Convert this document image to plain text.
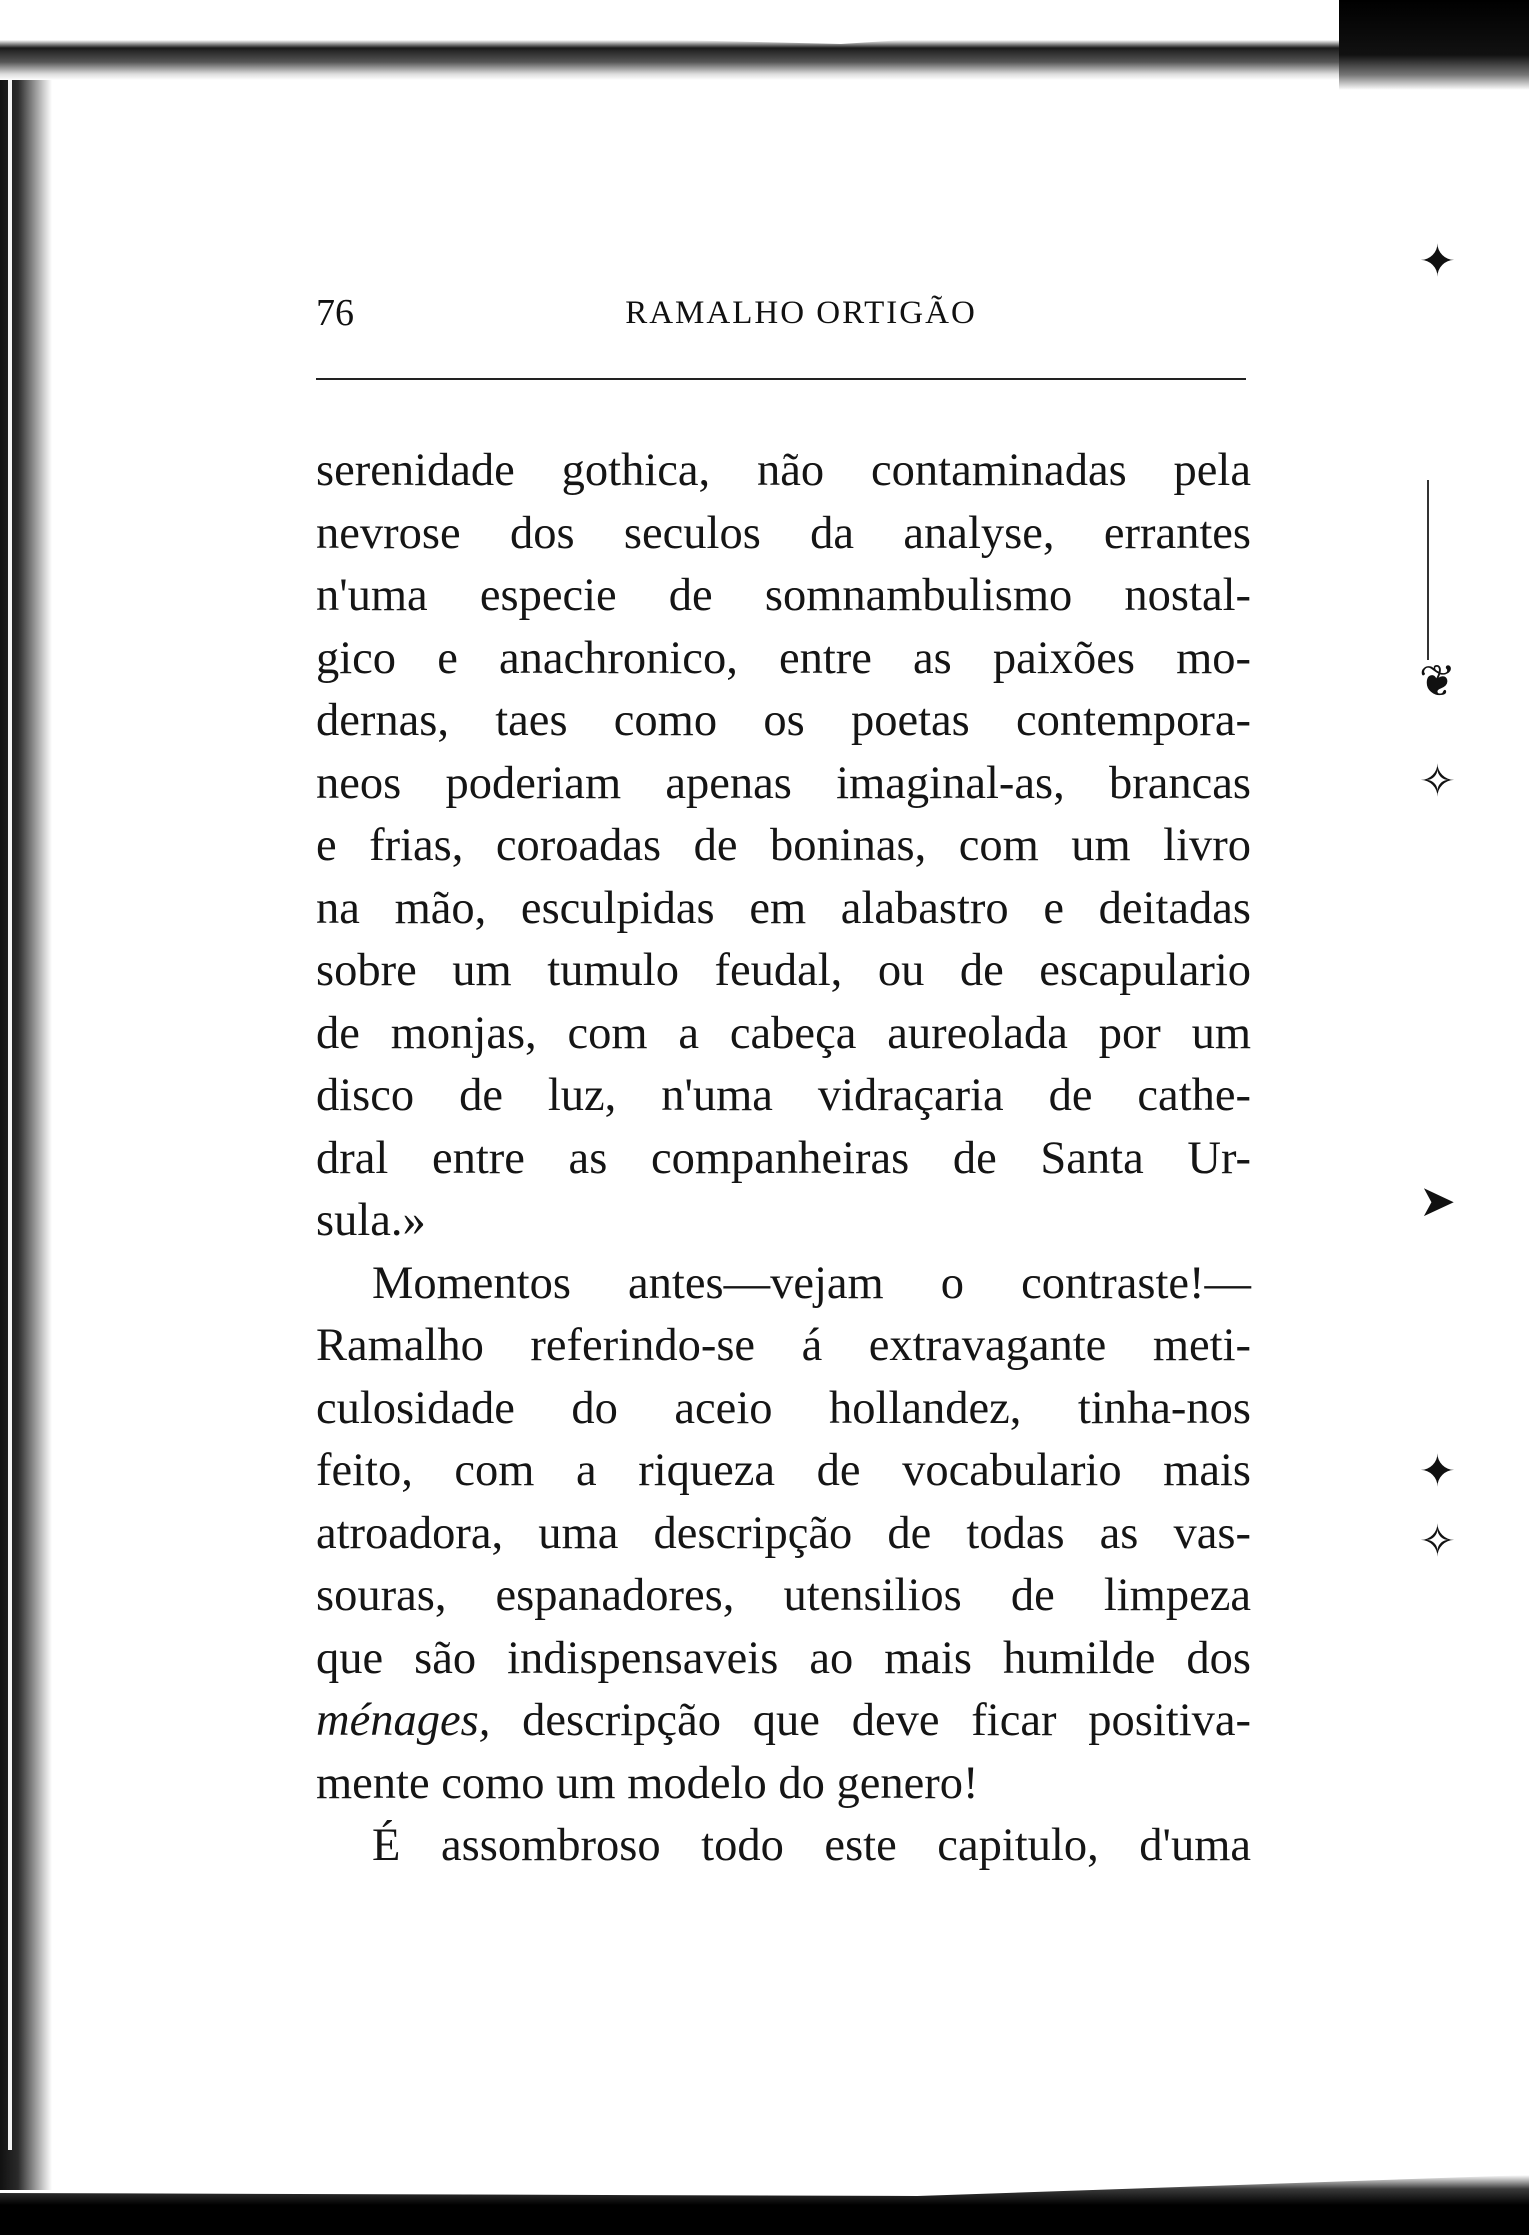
✦
❦
✧
➤
✦
✧
76	RAMALHO ORTIGÃO
serenidade gothica, não contaminadas pela
nevrose dos seculos da analyse, errantes
n'uma especie de somnambulismo nostal-
gico e anachronico, entre as paixões mo-
dernas, taes como os poetas contempora-
neos poderiam apenas imaginal-as, brancas
e frias, coroadas de boninas, com um livro
na mão, esculpidas em alabastro e deitadas
sobre um tumulo feudal, ou de escapulario
de monjas, com a cabeça aureolada por um
disco de luz, n'uma vidraçaria de cathe-
dral entre as companheiras de Santa Ur-
sula.»
Momentos antes—vejam o contraste!—
Ramalho referindo-se á extravagante meti-
culosidade do aceio hollandez, tinha-nos
feito, com a riqueza de vocabulario mais
atroadora, uma descripção de todas as vas-
souras, espanadores, utensilios de limpeza
que são indispensaveis ao mais humilde dos
ménages, descripção que deve ficar positiva-
mente como um modelo do genero!
É assombroso todo este capitulo, d'uma
